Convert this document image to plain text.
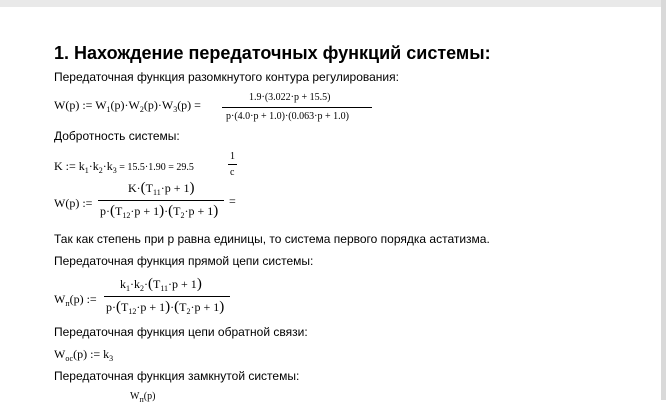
1. Нахождение передаточных функций системы:
Передаточная функция разомкнутого контура регулирования:
W(p) := $W_1(p)\cdot W_2(p)\cdot W_3(p)$ =
1.9·(3.022·p + 15.5)
p·(4.0·p + 1.0)·(0.063·p + 1.0)
Добротность системы:
K := $k_1\cdot k_2\cdot k_3 = 15.5\cdot 1.90 = 29.5$
1
c
W(p) :=
$K\cdot(T_{11}\cdot p + 1)$
$p\cdot(T_{12}\cdot p + 1)\cdot(T_2\cdot p + 1)$
=
Так как степень при р равна единицы, то система первого порядка астатизма.
Передаточная функция прямой цепи системы:
$W_п(p)$ :=
$k_1\cdot k_2\cdot(T_{11}\cdot p + 1)$
$p\cdot(T_{12}\cdot p + 1)\cdot(T_2\cdot p + 1)$
Передаточная функция цепи обратной связи:
$W_{ос}(p)$ := $k_3$
Передаточная функция замкнутой системы:
$W_п(p)$
